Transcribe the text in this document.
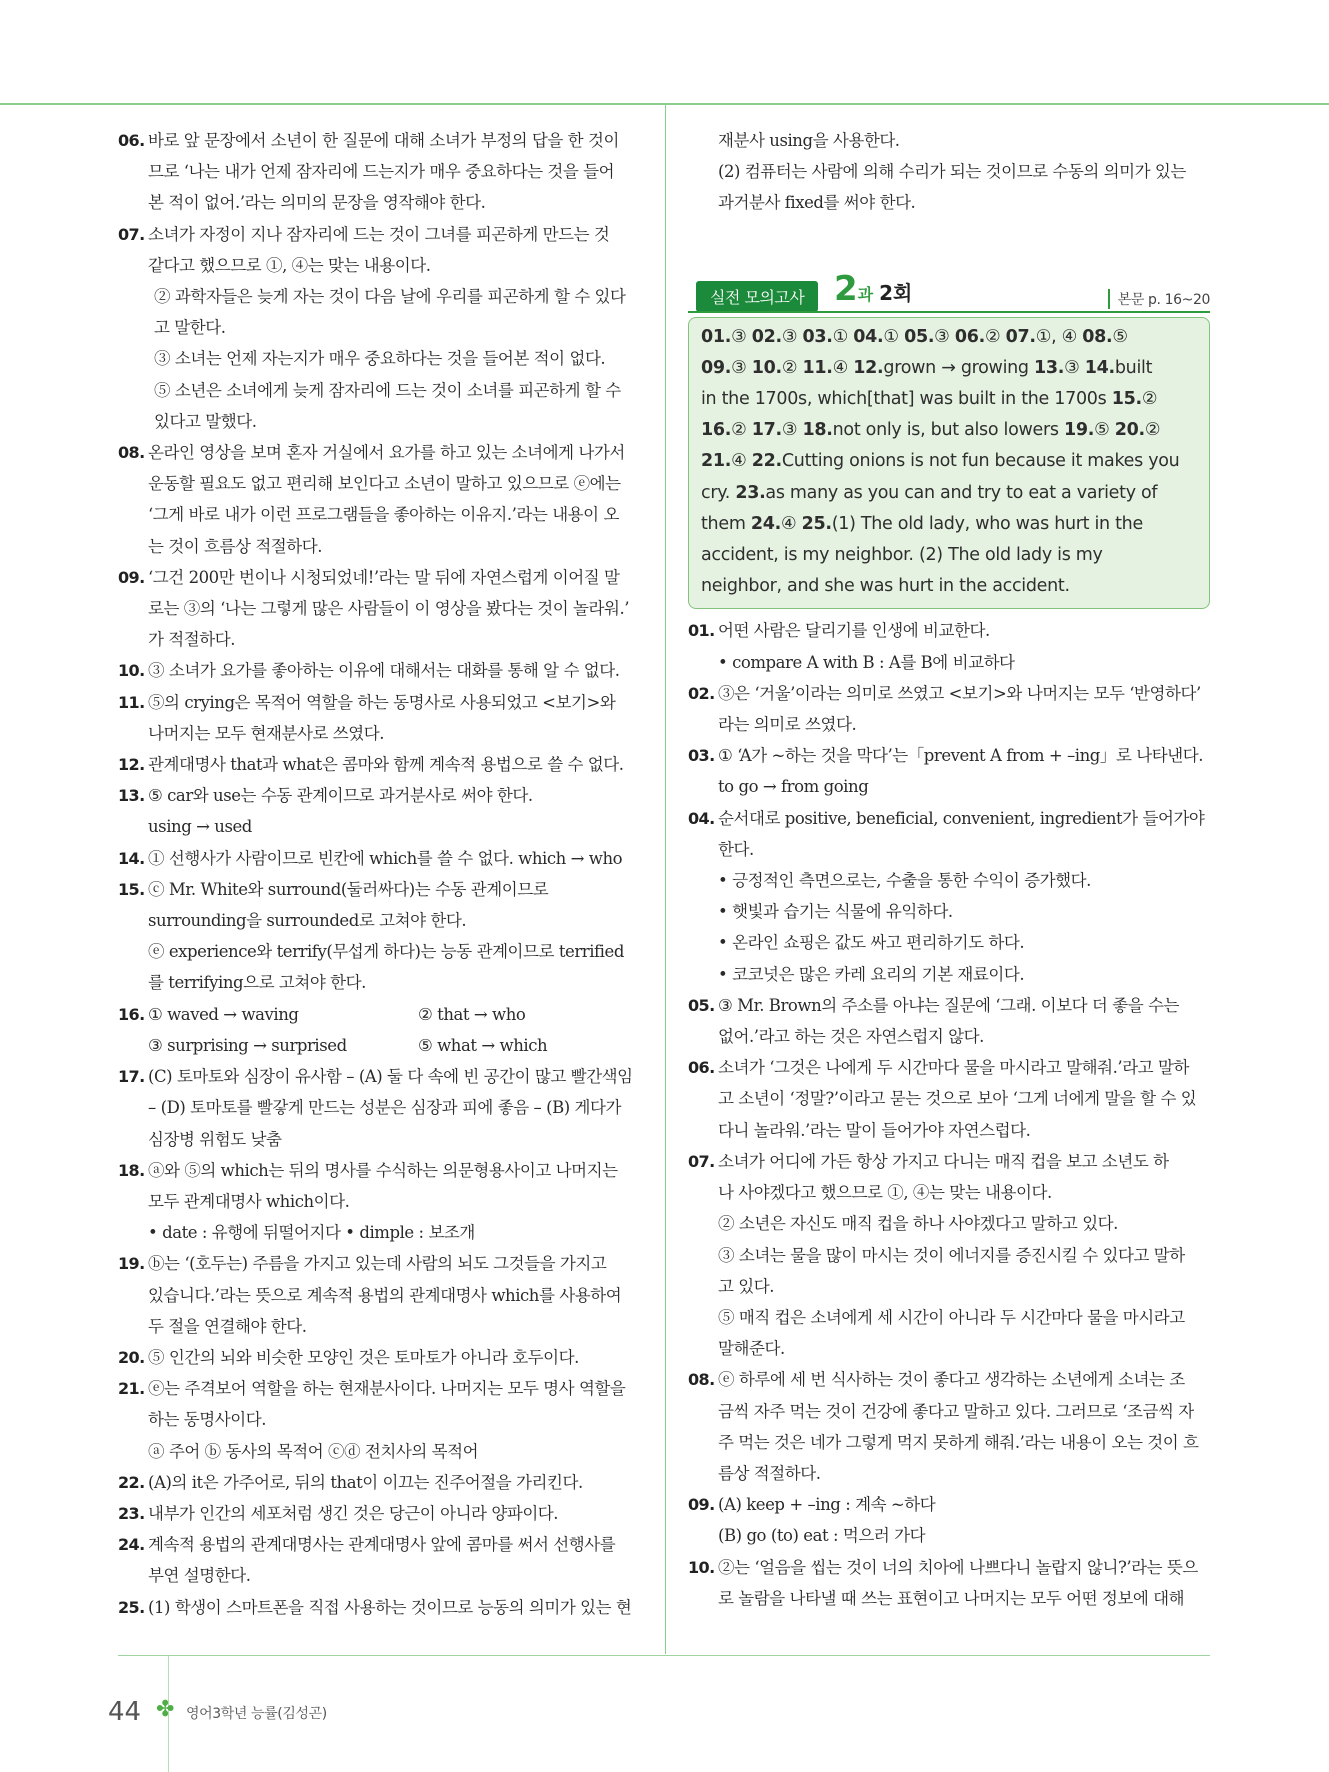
06. 바로 앞 문장에서 소년이 한 질문에 대해 소녀가 부정의 답을 한 것이
므로 ‘나는 내가 언제 잠자리에 드는지가 매우 중요하다는 것을 들어
본 적이 없어.’라는 의미의 문장을 영작해야 한다.
07. 소녀가 자정이 지나 잠자리에 드는 것이 그녀를 피곤하게 만드는 것
같다고 했으므로 ①, ④는 맞는 내용이다.
② 과학자들은 늦게 자는 것이 다음 날에 우리를 피곤하게 할 수 있다
고 말한다.
③ 소녀는 언제 자는지가 매우 중요하다는 것을 들어본 적이 없다.
⑤ 소년은 소녀에게 늦게 잠자리에 드는 것이 소녀를 피곤하게 할 수
있다고 말했다.
08. 온라인 영상을 보며 혼자 거실에서 요가를 하고 있는 소녀에게 나가서
운동할 필요도 없고 편리해 보인다고 소년이 말하고 있으므로 ⓔ에는
‘그게 바로 내가 이런 프로그램들을 좋아하는 이유지.’라는 내용이 오
는 것이 흐름상 적절하다.
09. ‘그건 200만 번이나 시청되었네!’라는 말 뒤에 자연스럽게 이어질 말
로는 ③의 ‘나는 그렇게 많은 사람들이 이 영상을 봤다는 것이 놀라워.’
가 적절하다.
10. ③ 소녀가 요가를 좋아하는 이유에 대해서는 대화를 통해 알 수 없다.
11. ⑤의 crying은 목적어 역할을 하는 동명사로 사용되었고 <보기>와
나머지는 모두 현재분사로 쓰였다.
12. 관계대명사 that과 what은 콤마와 함께 계속적 용법으로 쓸 수 없다.
13. ⑤ car와 use는 수동 관계이므로 과거분사로 써야 한다.
using → used
14. ① 선행사가 사람이므로 빈칸에 which를 쓸 수 없다. which → who
15. ⓒ Mr. White와 surround(둘러싸다)는 수동 관계이므로
surrounding을 surrounded로 고쳐야 한다.
ⓔ experience와 terrify(무섭게 하다)는 능동 관계이므로 terrified
를 terrifying으로 고쳐야 한다.
16. ① waved → waving	② that → who
③ surprising → surprised	⑤ what → which
17. (C) 토마토와 심장이 유사함 – (A) 둘 다 속에 빈 공간이 많고 빨간색임
– (D) 토마토를 빨갛게 만드는 성분은 심장과 피에 좋음 – (B) 게다가
심장병 위험도 낮춤
18. ⓐ와 ⑤의 which는 뒤의 명사를 수식하는 의문형용사이고 나머지는
모두 관계대명사 which이다.
• date : 유행에 뒤떨어지다 • dimple : 보조개
19. ⓑ는 ‘(호두는) 주름을 가지고 있는데 사람의 뇌도 그것들을 가지고
있습니다.’라는 뜻으로 계속적 용법의 관계대명사 which를 사용하여
두 절을 연결해야 한다.
20. ⑤ 인간의 뇌와 비슷한 모양인 것은 토마토가 아니라 호두이다.
21. ⓔ는 주격보어 역할을 하는 현재분사이다. 나머지는 모두 명사 역할을
하는 동명사이다.
ⓐ 주어 ⓑ 동사의 목적어 ⓒⓓ 전치사의 목적어
22. (A)의 it은 가주어로, 뒤의 that이 이끄는 진주어절을 가리킨다.
23. 내부가 인간의 세포처럼 생긴 것은 당근이 아니라 양파이다.
24. 계속적 용법의 관계대명사는 관계대명사 앞에 콤마를 써서 선행사를
부연 설명한다.
25. (1) 학생이 스마트폰을 직접 사용하는 것이므로 능동의 의미가 있는 현
재분사 using을 사용한다.
(2) 컴퓨터는 사람에 의해 수리가 되는 것이므로 수동의 의미가 있는
과거분사 fixed를 써야 한다.
실전 모의고사 2과 2회	본문 p. 16~20
01.③ 02.③ 03.① 04.① 05.③ 06.② 07.①, ④ 08.⑤
09.③ 10.② 11.④ 12.grown → growing 13.③ 14.built
in the 1700s, which[that] was built in the 1700s 15.②
16.② 17.③ 18.not only is, but also lowers 19.⑤ 20.②
21.④ 22.Cutting onions is not fun because it makes you
cry. 23.as many as you can and try to eat a variety of
them 24.④ 25.(1) The old lady, who was hurt in the
accident, is my neighbor. (2) The old lady is my
neighbor, and she was hurt in the accident.
01. 어떤 사람은 달리기를 인생에 비교한다.
• compare A with B : A를 B에 비교하다
02. ③은 ‘거울’이라는 의미로 쓰였고 <보기>와 나머지는 모두 ‘반영하다’
라는 의미로 쓰였다.
03. ① ‘A가 ~하는 것을 막다’는「prevent A from + –ing」로 나타낸다.
to go → from going
04. 순서대로 positive, beneficial, convenient, ingredient가 들어가야
한다.
• 긍정적인 측면으로는, 수출을 통한 수익이 증가했다.
• 햇빛과 습기는 식물에 유익하다.
• 온라인 쇼핑은 값도 싸고 편리하기도 하다.
• 코코넛은 많은 카레 요리의 기본 재료이다.
05. ③ Mr. Brown의 주소를 아냐는 질문에 ‘그래. 이보다 더 좋을 수는
없어.’라고 하는 것은 자연스럽지 않다.
06. 소녀가 ‘그것은 나에게 두 시간마다 물을 마시라고 말해줘.’라고 말하
고 소년이 ‘정말?’이라고 묻는 것으로 보아 ‘그게 너에게 말을 할 수 있
다니 놀라워.’라는 말이 들어가야 자연스럽다.
07. 소녀가 어디에 가든 항상 가지고 다니는 매직 컵을 보고 소년도 하
나 사야겠다고 했으므로 ①, ④는 맞는 내용이다.
② 소년은 자신도 매직 컵을 하나 사야겠다고 말하고 있다.
③ 소녀는 물을 많이 마시는 것이 에너지를 증진시킬 수 있다고 말하
고 있다.
⑤ 매직 컵은 소녀에게 세 시간이 아니라 두 시간마다 물을 마시라고
말해준다.
08. ⓔ 하루에 세 번 식사하는 것이 좋다고 생각하는 소년에게 소녀는 조
금씩 자주 먹는 것이 건강에 좋다고 말하고 있다. 그러므로 ‘조금씩 자
주 먹는 것은 네가 그렇게 먹지 못하게 해줘.’라는 내용이 오는 것이 흐
름상 적절하다.
09. (A) keep + –ing : 계속 ~하다
(B) go (to) eat : 먹으러 가다
10. ②는 ‘얼음을 씹는 것이 너의 치아에 나쁘다니 놀랍지 않니?’라는 뜻으
로 놀람을 나타낼 때 쓰는 표현이고 나머지는 모두 어떤 정보에 대해
44 ✤ 영어3학년 능률(김성곤)
